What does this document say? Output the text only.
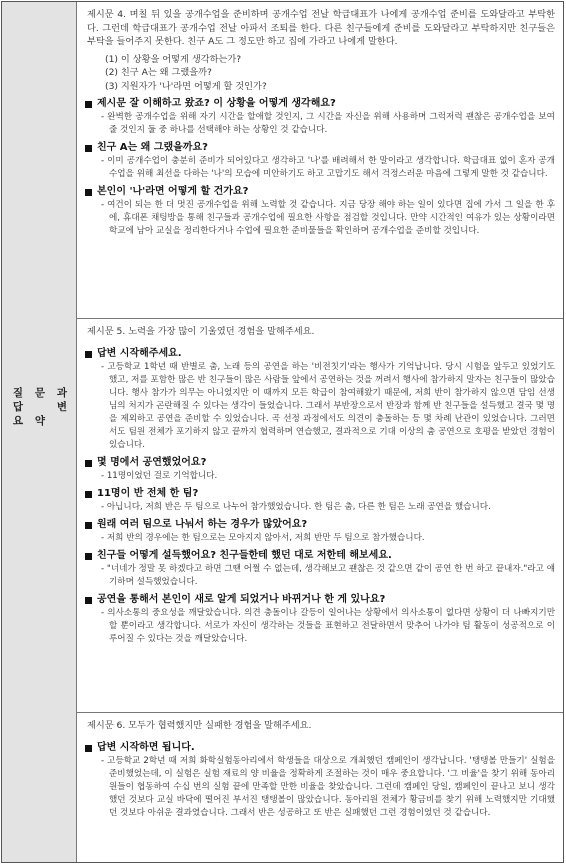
질
답
요
문

약
과
변
제시문 4. 며칠 뒤 있을 공개수업을 준비하며 공개수업 전날 학급대표가 나에게 공개수업 준비를 도와달라고 부탁한다. 그런데 학급대표가 공개수업 전날 아파서 조퇴를 한다. 다른 친구들에게 준비를 도와달라고 부탁하지만 친구들은 부탁을 들어주지 못한다. 친구 A도 그 정도만 하고 집에 가라고 나에게 말한다.
(1) 이 상황을 어떻게 생각하는가?
(2) 친구 A는 왜 그랬을까?
(3) 지원자가 '나'라면 어떻게 할 것인가?
제시문 잘 이해하고 왔죠? 이 상황을 어떻게 생각해요?
- 완벽한 공개수업을 위해 자기 시간을 할애할 것인지, 그 시간을 자신을 위해 사용하며 그럭저럭 괜찮은 공개수업을 보여줄 것인지 둘 중 하나를 선택해야 하는 상황인 것 같습니다.
친구 A는 왜 그랬을까요?
- 이미 공개수업이 충분히 준비가 되어있다고 생각하고 '나'를 배려해서 한 말이라고 생각합니다. 학급대표 없이 혼자 공개수업을 위해 최선을 다하는 '나'의 모습에 미안하기도 하고 고맙기도 해서 걱정스러운 마음에 그렇게 말한 것 같습니다.
본인이 '나'라면 어떻게 할 건가요?
- 여건이 되는 한 더 멋진 공개수업을 위해 노력할 것 같습니다. 지금 당장 해야 하는 일이 있다면 집에 가서 그 일을 한 후에, 휴대폰 채팅방을 통해 친구들과 공개수업에 필요한 사항을 점검할 것입니다. 만약 시간적인 여유가 있는 상황이라면 학교에 남아 교실을 정리한다거나 수업에 필요한 준비물들을 확인하며 공개수업을 준비할 것입니다.
제시문 5. 노력을 가장 많이 기울였던 경험을 말해주세요.
답변 시작해주세요.
- 고등학교 1학년 때 반별로 춤, 노래 등의 공연을 하는 '비전칫기'라는 행사가 기억납니다. 당시 시험을 앞두고 있었기도 했고, 저를 포함한 많은 반 친구들이 많은 사람들 앞에서 공연하는 것을 꺼려서 행사에 참가하지 말자는 친구들이 많았습니다. 행사 참가가 의무는 아니었지만 이 때까지 모든 학급이 참여해왔기 때문에, 저희 반이 참가하지 않으면 담임 선생님의 처지가 곤란해질 수 있다는 생각이 들었습니다. 그래서 부반장으로서 반장과 함께 반 친구들을 설득했고 결국 몇 명을 제외하고 공연을 준비할 수 있었습니다. 곡 선정 과정에서도 의견이 충돌하는 등 몇 차례 난관이 있었습니다. 그러면서도 팀원 전체가 포기하지 않고 끝까지 협력하며 연습했고, 결과적으로 기대 이상의 춤 공연으로 호평을 받았던 경험이 있습니다.
몇 명에서 공연했었어요?
- 11명이었던 걸로 기억합니다.
11명이 반 전체 한 팀?
- 아닙니다, 저희 반은 두 팀으로 나누어 참가했었습니다. 한 팀은 춤, 다른 한 팀은 노래 공연을 했습니다.
원래 여러 팀으로 나눠서 하는 경우가 많았어요?
- 저희 반의 경우에는 한 팀으로는 모아지지 않아서, 저희 반만 두 팀으로 참가했습니다.
친구들 어떻게 설득했어요? 친구들한테 했던 대로 저한테 해보세요.
- "너네가 정말 못 하겠다고 하면 그땐 어쩔 수 없는데, 생각해보고 괜찮은 것 같으면 같이 공연 한 번 하고 끝내자."라고 얘기하며 설득했었습니다.
공연을 통해서 본인이 새로 알게 되었거나 바뀌거나 한 게 있나요?
- 의사소통의 중요성을 깨달았습니다. 의견 충돌이나 갈등이 일어나는 상황에서 의사소통이 없다면 상황이 더 나빠지기만 할 뿐이라고 생각합니다. 서로가 자신이 생각하는 것들을 표현하고 전달하면서 맞추어 나가야 팀 활동이 성공적으로 이루어질 수 있다는 것을 깨달았습니다.
제시문 6. 모두가 협력했지만 실패한 경험을 말해주세요.
답변 시작하면 됩니다.
- 고등학교 2학년 때 저희 화학실험동아리에서 학생들을 대상으로 개최했던 캠페인이 생각납니다. '탱탱볼 만들기' 실험을 준비했었는데, 이 실험은 실험 재료의 양 비율을 정확하게 조절하는 것이 매우 중요합니다. '그 비율'을 찾기 위해 동아리원들이 협동하여 수십 번의 실험 끝에 만족할 만한 비율을 찾았습니다. 그런데 캠페인 당일, 캠페인이 끝나고 보니 생각했던 것보다 교실 바닥에 떨어진 부서진 탱탱볼이 많았습니다. 동아리원 전체가 황금비를 찾기 위해 노력했지만 기대했던 것보다 아쉬운 결과였습니다. 그래서 반은 성공하고 또 반은 실패했던 그런 경험이었던 것 같습니다.
